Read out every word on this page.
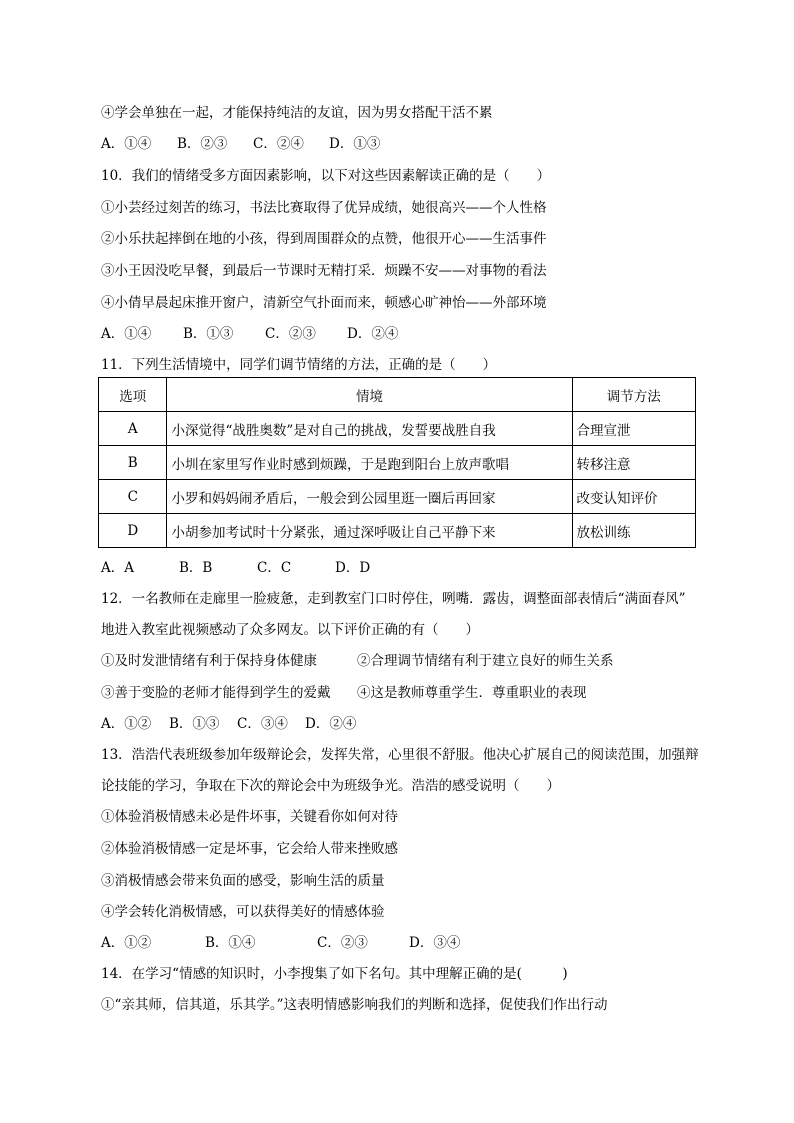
④学会单独在一起，才能保持纯洁的友谊，因为男女搭配干活不累
A．①④ B．②③ C．②④ D．①③
10．我们的情绪受多方面因素影响，以下对这些因素解读正确的是（　　）
①小芸经过刻苦的练习，书法比赛取得了优异成绩，她很高兴——个人性格
②小乐扶起摔倒在地的小孩，得到周围群众的点赞，他很开心——生活事件
③小王因没吃早餐，到最后一节课时无精打采．烦躁不安——对事物的看法
④小倩早晨起床推开窗户，清新空气扑面而来，顿感心旷神怡——外部环境
A．①④ B．①③ C．②③ D．②④
11．下列生活情境中，同学们调节情绪的方法，正确的是（　　）
选项	情境	调节方法
A	小深觉得“战胜奥数”是对自己的挑战，发誓要战胜自我	合理宣泄
B	小圳在家里写作业时感到烦躁，于是跑到阳台上放声歌唱	转移注意
C	小罗和妈妈闹矛盾后，一般会到公园里逛一圈后再回家	改变认知评价
D	小胡参加考试时十分紧张，通过深呼吸让自己平静下来	放松训练
A．A	B．B	C．C	D．D
12．一名教师在走廊里一脸疲惫，走到教室门口时停住，咧嘴．露齿，调整面部表情后“满面春风”
地进入教室此视频感动了众多网友。以下评价正确的有（　　）
①及时发泄情绪有利于保持身体健康	②合理调节情绪有利于建立良好的师生关系
③善于变脸的老师才能得到学生的爱戴 ④这是教师尊重学生．尊重职业的表现
A．①② B．①③ C．③④ D．②④
13．浩浩代表班级参加年级辩论会，发挥失常，心里很不舒服。他决心扩展自己的阅读范围，加强辩
论技能的学习，争取在下次的辩论会中为班级争光。浩浩的感受说明（　　）
①体验消极情感未必是件坏事，关键看你如何对待
②体验消极情感一定是坏事，它会给人带来挫败感
③消极情感会带来负面的感受，影响生活的质量
④学会转化消极情感，可以获得美好的情感体验
A．①②	B．①④	C．②③	D．③④
14．在学习“情感的知识时，小李搜集了如下名句。其中理解正确的是(　　　)
①“亲其师，信其道，乐其学。”这表明情感影响我们的判断和选择，促使我们作出行动
